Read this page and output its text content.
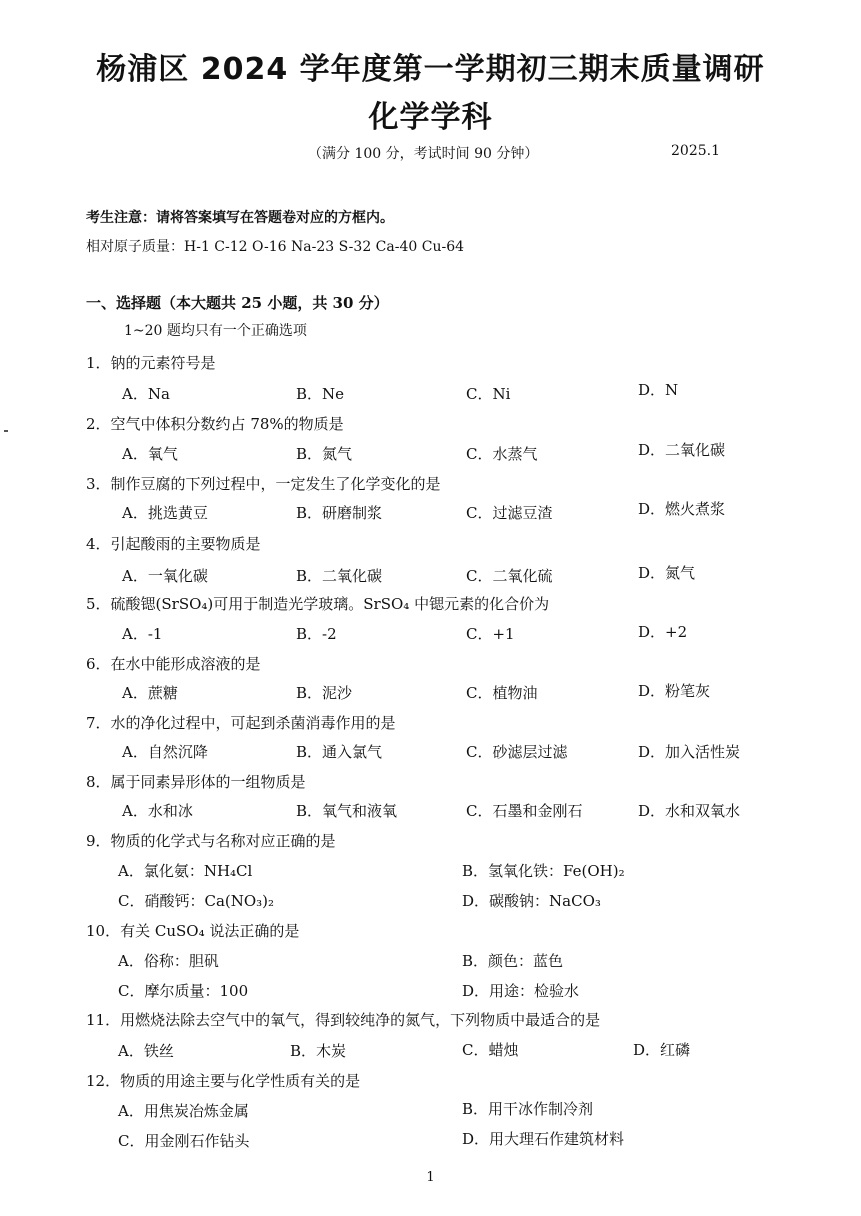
杨浦区 2024 学年度第一学期初三期末质量调研
化学学科
（满分 100 分，考试时间 90 分钟）	2025.1
考生注意：请将答案填写在答题卷对应的方框内。
相对原子质量：H-1 C-12 O-16 Na-23 S-32 Ca-40 Cu-64
一、选择题（本大题共 25 小题，共 30 分）
1~20 题均只有一个正确选项
1．钠的元素符号是
A．Na	B．Ne	C．Ni	D．N
2．空气中体积分数约占 78%的物质是
A．氧气	B．氮气	C．水蒸气	D．二氧化碳
3．制作豆腐的下列过程中，一定发生了化学变化的是
A．挑选黄豆	B．研磨制浆	C．过滤豆渣	D．燃火煮浆
4．引起酸雨的主要物质是
A．一氧化碳	B．二氧化碳	C．二氧化硫	D．氮气
5．硫酸锶(SrSO₄)可用于制造光学玻璃。SrSO₄ 中锶元素的化合价为
A．-1	B．-2	C．+1	D．+2
6．在水中能形成溶液的是
A．蔗糖	B．泥沙	C．植物油	D．粉笔灰
7．水的净化过程中，可起到杀菌消毒作用的是
A．自然沉降	B．通入氯气	C．砂滤层过滤	D．加入活性炭
8．属于同素异形体的一组物质是
A．水和冰	B．氧气和液氧	C．石墨和金刚石	D．水和双氧水
9．物质的化学式与名称对应正确的是
A．氯化氨：NH₄Cl	B．氢氧化铁：Fe(OH)₂
C．硝酸钙：Ca(NO₃)₂	D．碳酸钠：NaCO₃
10．有关 CuSO₄ 说法正确的是
A．俗称：胆矾	B．颜色：蓝色
C．摩尔质量：100	D．用途：检验水
11．用燃烧法除去空气中的氧气，得到较纯净的氮气，下列物质中最适合的是
A．铁丝	B．木炭	C．蜡烛	D．红磷
12．物质的用途主要与化学性质有关的是
A．用焦炭冶炼金属	B．用干冰作制冷剂
C．用金刚石作钻头	D．用大理石作建筑材料
1
